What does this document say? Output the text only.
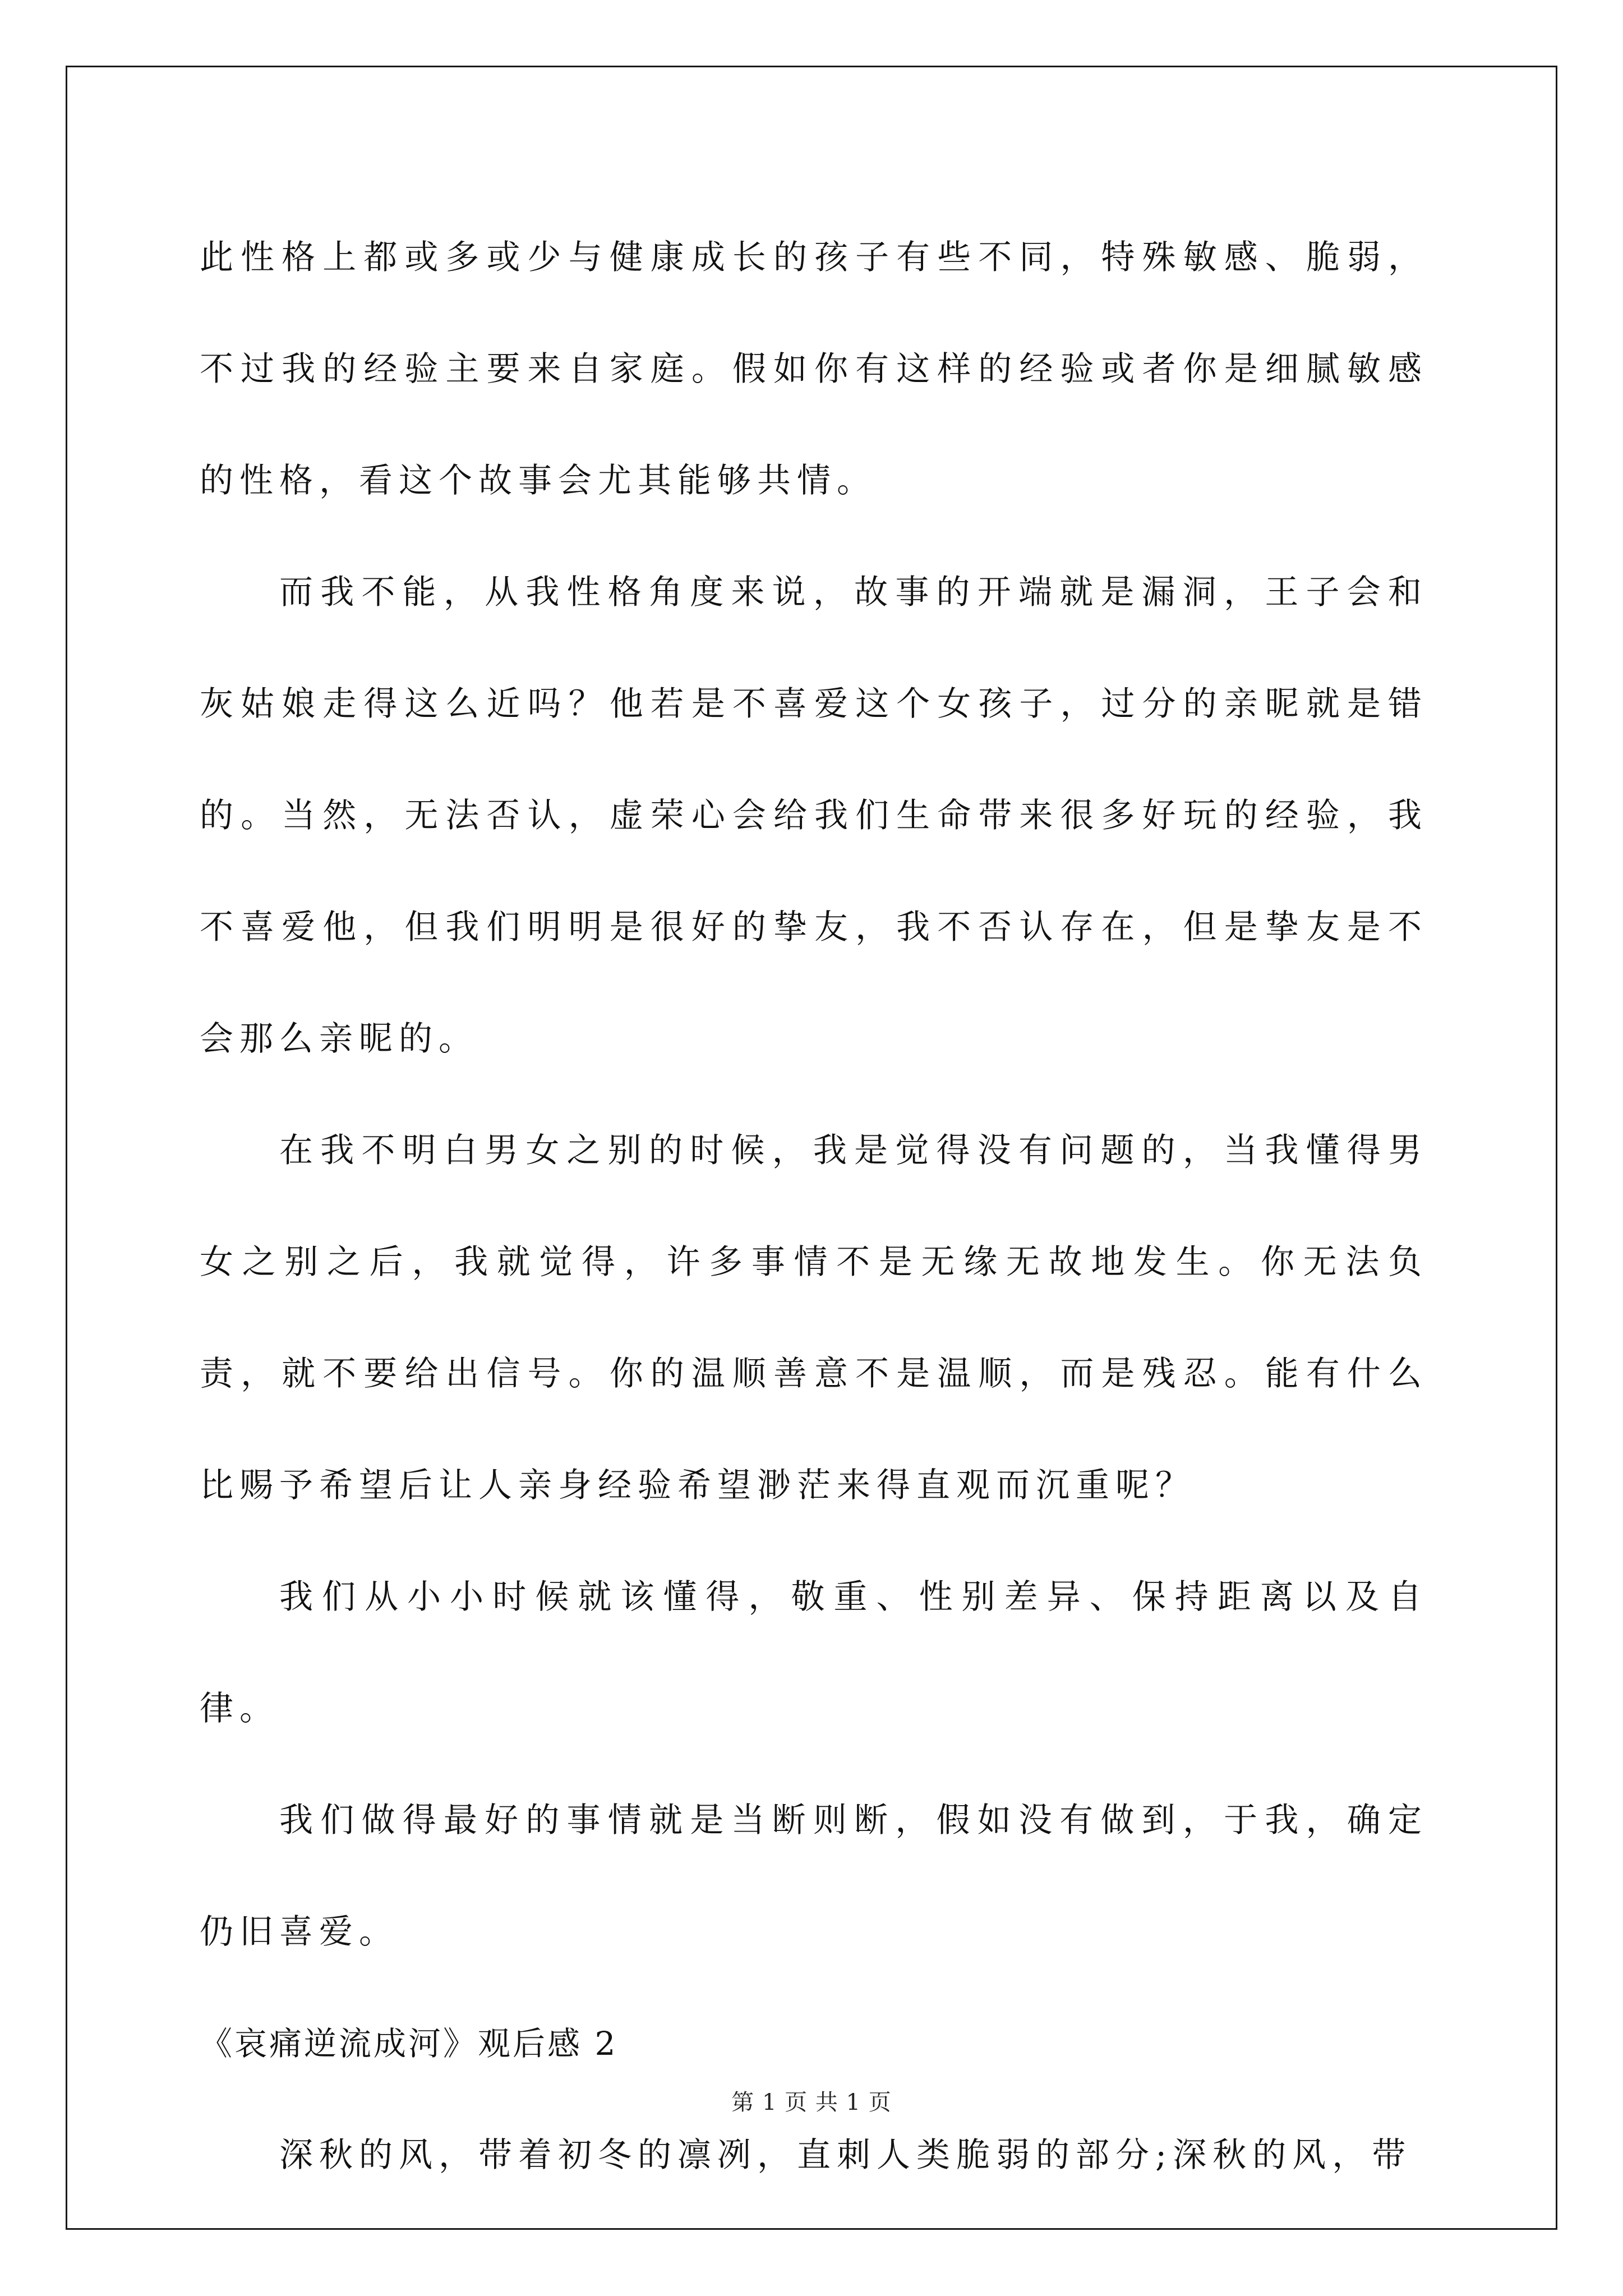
此性格上都或多或少与健康成长的孩子有些不同，特殊敏感、脆弱，不过我的经验主要来自家庭。假如你有这样的经验或者你是细腻敏感的性格，看这个故事会尤其能够共情。

而我不能，从我性格角度来说，故事的开端就是漏洞，王子会和灰姑娘走得这么近吗？他若是不喜爱这个女孩子，过分的亲昵就是错的。当然，无法否认，虚荣心会给我们生命带来很多好玩的经验，我不喜爱他，但我们明明是很好的挚友，我不否认存在，但是挚友是不会那么亲昵的。

在我不明白男女之别的时候，我是觉得没有问题的，当我懂得男女之别之后，我就觉得，许多事情不是无缘无故地发生。你无法负责，就不要给出信号。你的温顺善意不是温顺，而是残忍。能有什么比赐予希望后让人亲身经验希望渺茫来得直观而沉重呢？

我们从小小时候就该懂得，敬重、性别差异、保持距离以及自律。

我们做得最好的事情就是当断则断，假如没有做到，于我，确定仍旧喜爱。

《哀痛逆流成河》观后感 2

深秋的风，带着初冬的凛冽，直刺人类脆弱的部分;深秋的风，带

第 1 页 共 1 页
